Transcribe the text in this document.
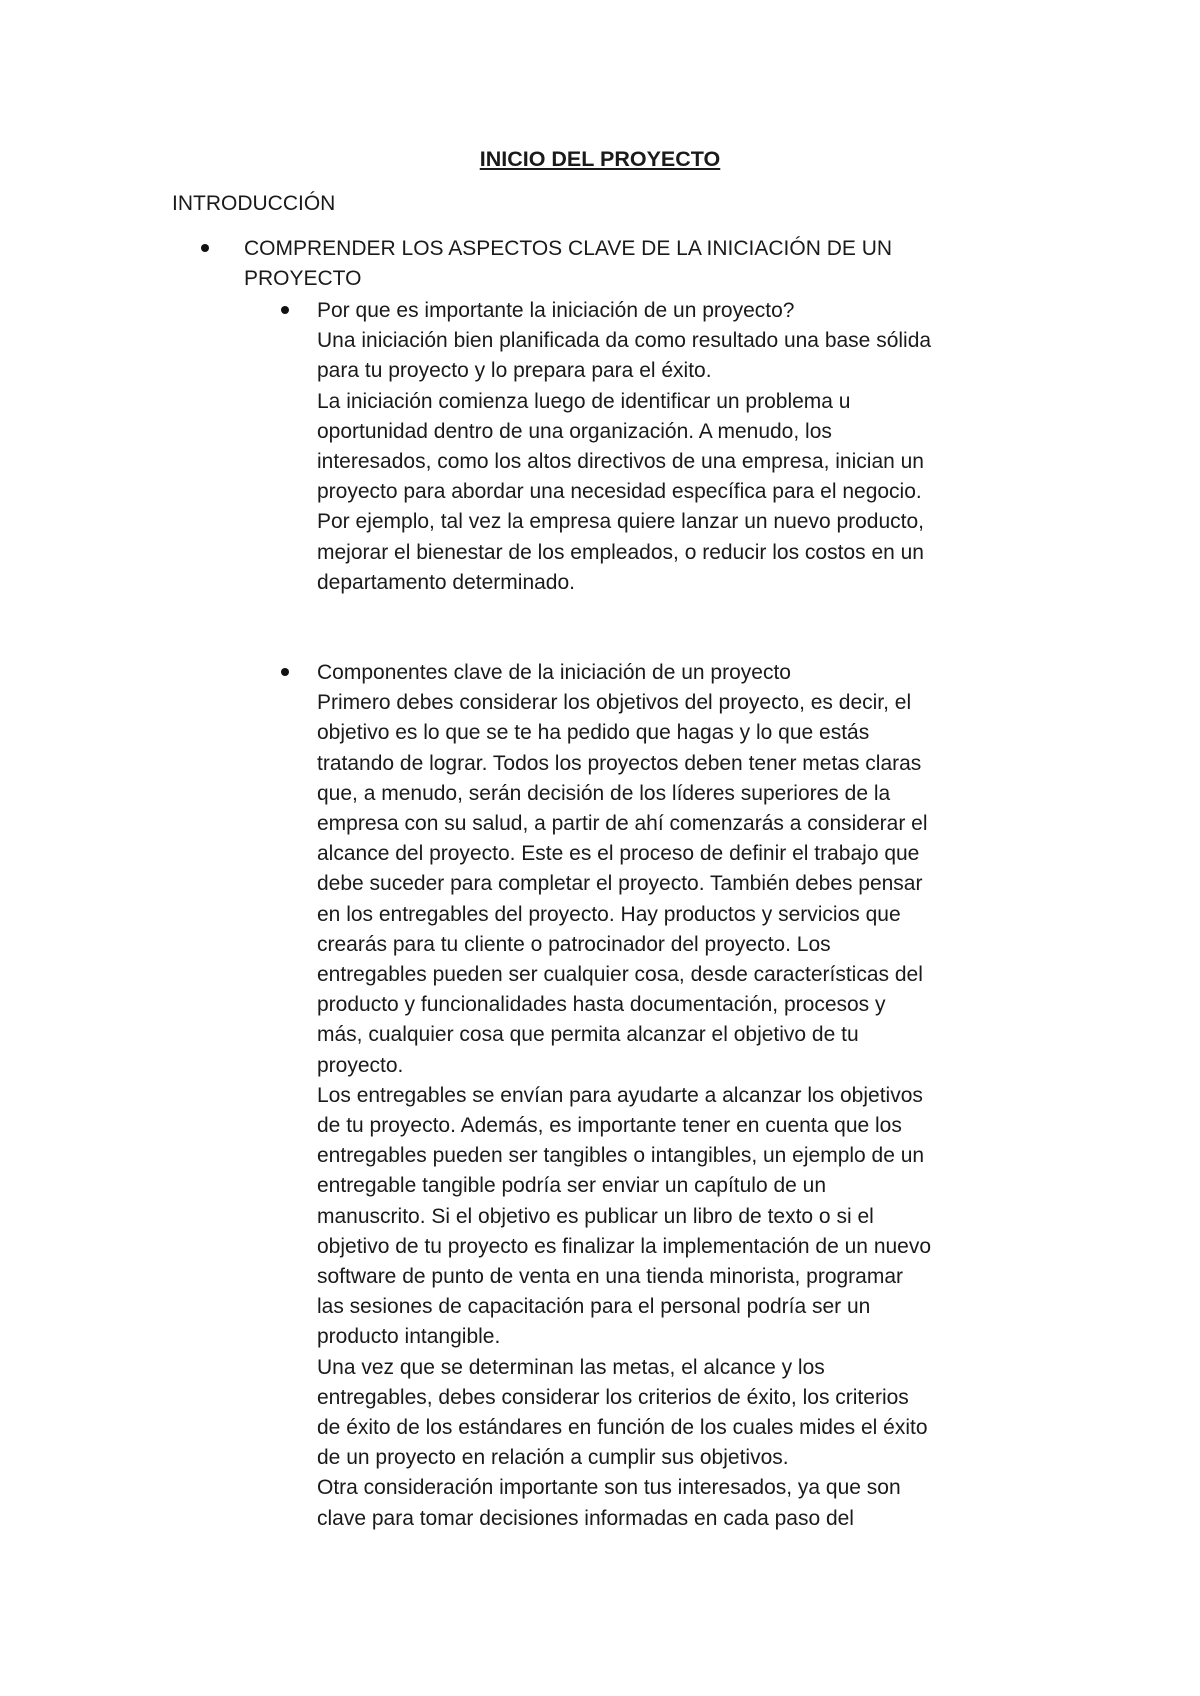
INICIO DEL PROYECTO

INTRODUCCIÓN

COMPRENDER LOS ASPECTOS CLAVE DE LA INICIACIÓN DE UN
PROYECTO

Por que es importante la iniciación de un proyecto?
Una iniciación bien planificada da como resultado una base sólida
para tu proyecto y lo prepara para el éxito.
La iniciación comienza luego de identificar un problema u
oportunidad dentro de una organización. A menudo, los
interesados, como los altos directivos de una empresa, inician un
proyecto para abordar una necesidad específica para el negocio.
Por ejemplo, tal vez la empresa quiere lanzar un nuevo producto,
mejorar el bienestar de los empleados, o reducir los costos en un
departamento determinado.

Componentes clave de la iniciación de un proyecto
Primero debes considerar los objetivos del proyecto, es decir, el
objetivo es lo que se te ha pedido que hagas y lo que estás
tratando de lograr. Todos los proyectos deben tener metas claras
que, a menudo, serán decisión de los líderes superiores de la
empresa con su salud, a partir de ahí comenzarás a considerar el
alcance del proyecto. Este es el proceso de definir el trabajo que
debe suceder para completar el proyecto. También debes pensar
en los entregables del proyecto. Hay productos y servicios que
crearás para tu cliente o patrocinador del proyecto. Los
entregables pueden ser cualquier cosa, desde características del
producto y funcionalidades hasta documentación, procesos y
más, cualquier cosa que permita alcanzar el objetivo de tu
proyecto.
Los entregables se envían para ayudarte a alcanzar los objetivos
de tu proyecto. Además, es importante tener en cuenta que los
entregables pueden ser tangibles o intangibles, un ejemplo de un
entregable tangible podría ser enviar un capítulo de un
manuscrito. Si el objetivo es publicar un libro de texto o si el
objetivo de tu proyecto es finalizar la implementación de un nuevo
software de punto de venta en una tienda minorista, programar
las sesiones de capacitación para el personal podría ser un
producto intangible.
Una vez que se determinan las metas, el alcance y los
entregables, debes considerar los criterios de éxito, los criterios
de éxito de los estándares en función de los cuales mides el éxito
de un proyecto en relación a cumplir sus objetivos.
Otra consideración importante son tus interesados, ya que son
clave para tomar decisiones informadas en cada paso del
